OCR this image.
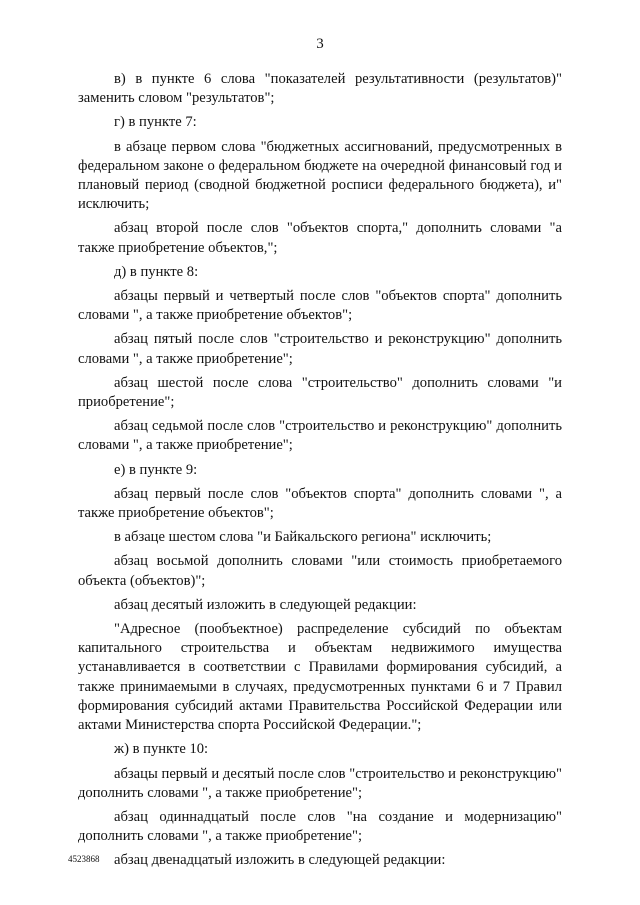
3

в) в пункте 6 слова "показателей результативности (результатов)" заменить словом "результатов";

г) в пункте 7:

в абзаце первом слова "бюджетных ассигнований, предусмотренных в федеральном законе о федеральном бюджете на очередной финансовый год и плановый период (сводной бюджетной росписи федерального бюджета), и" исключить;

абзац второй после слов "объектов спорта," дополнить словами "а также приобретение объектов,";

д) в пункте 8:

абзацы первый и четвертый после слов "объектов спорта" дополнить словами ", а также приобретение объектов";

абзац пятый после слов "строительство и реконструкцию" дополнить словами ", а также приобретение";

абзац шестой после слова "строительство" дополнить словами "и приобретение";

абзац седьмой после слов "строительство и реконструкцию" дополнить словами ", а также приобретение";

е) в пункте 9:

абзац первый после слов "объектов спорта" дополнить словами ", а также приобретение объектов";

в абзаце шестом слова "и Байкальского региона" исключить;

абзац восьмой дополнить словами "или стоимость приобретаемого объекта (объектов)";

абзац десятый изложить в следующей редакции:

"Адресное (пообъектное) распределение субсидий по объектам капитального строительства и объектам недвижимого имущества устанавливается в соответствии с Правилами формирования субсидий, а также принимаемыми в случаях, предусмотренных пунктами 6 и 7 Правил формирования субсидий актами Правительства Российской Федерации или актами Министерства спорта Российской Федерации.";

ж) в пункте 10:

абзацы первый и десятый после слов "строительство и реконструкцию" дополнить словами ", а также приобретение";

абзац одиннадцатый после слов "на создание и модернизацию" дополнить словами ", а также приобретение";

абзац двенадцатый изложить в следующей редакции:

4523868
